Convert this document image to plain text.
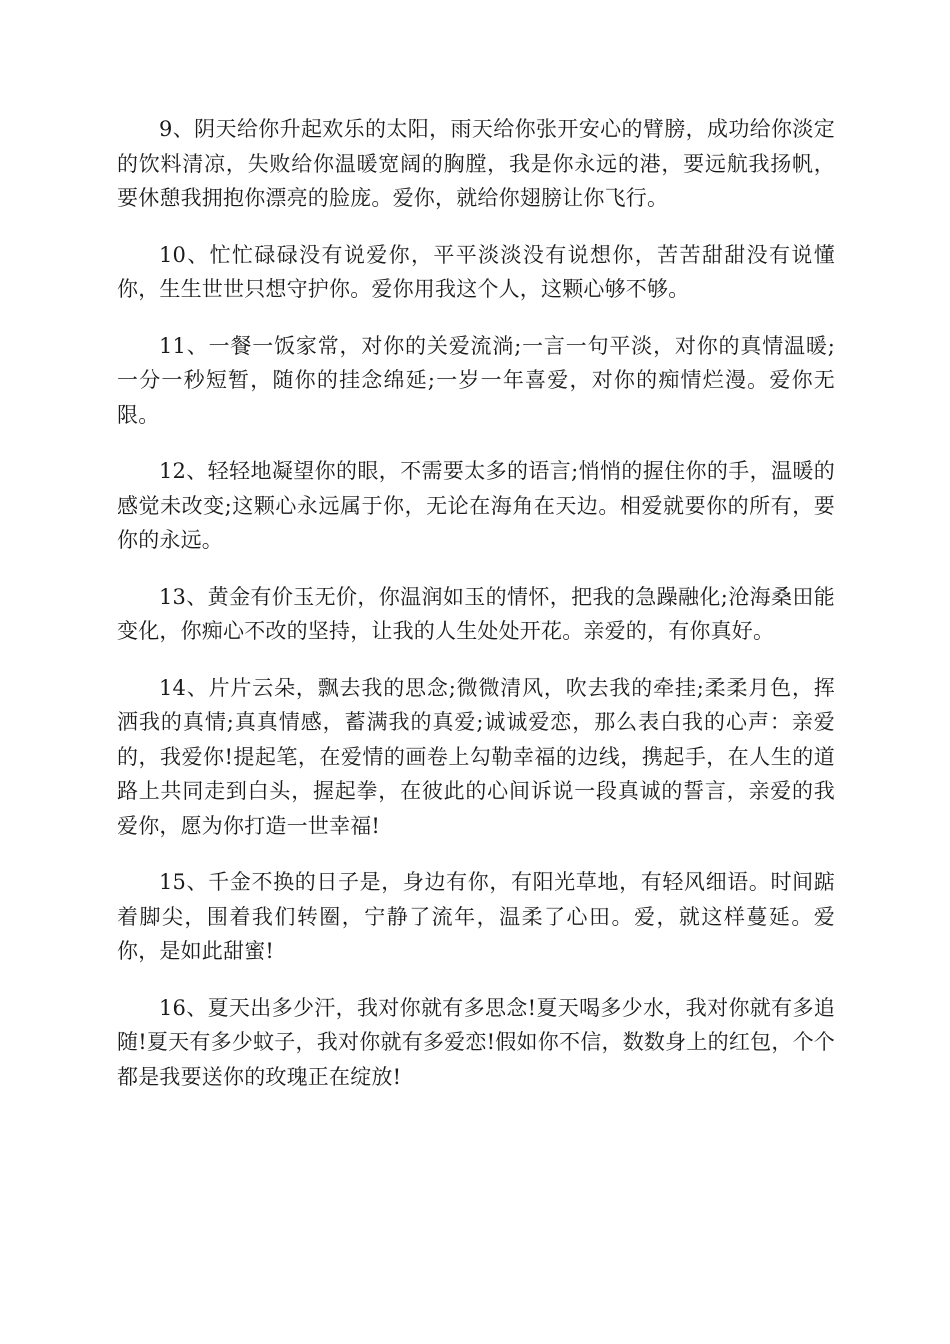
9、阴天给你升起欢乐的太阳，雨天给你张开安心的臂膀，成功给你淡定的饮料清凉，失败给你温暖宽阔的胸膛，我是你永远的港，要远航我扬帆，要休憩我拥抱你漂亮的脸庞。爱你，就给你翅膀让你飞行。

10、忙忙碌碌没有说爱你，平平淡淡没有说想你，苦苦甜甜没有说懂你，生生世世只想守护你。爱你用我这个人，这颗心够不够。

11、一餐一饭家常，对你的关爱流淌;一言一句平淡，对你的真情温暖;一分一秒短暂，随你的挂念绵延;一岁一年喜爱，对你的痴情烂漫。爱你无限。

12、轻轻地凝望你的眼，不需要太多的语言;悄悄的握住你的手，温暖的感觉未改变;这颗心永远属于你，无论在海角在天边。相爱就要你的所有，要你的永远。

13、黄金有价玉无价，你温润如玉的情怀，把我的急躁融化;沧海桑田能变化，你痴心不改的坚持，让我的人生处处开花。亲爱的，有你真好。

14、片片云朵，飘去我的思念;微微清风，吹去我的牵挂;柔柔月色，挥洒我的真情;真真情感，蓄满我的真爱;诚诚爱恋，那么表白我的心声：亲爱的，我爱你!提起笔，在爱情的画卷上勾勒幸福的边线，携起手，在人生的道路上共同走到白头，握起拳，在彼此的心间诉说一段真诚的誓言，亲爱的我爱你，愿为你打造一世幸福!

15、千金不换的日子是，身边有你，有阳光草地，有轻风细语。时间踮着脚尖，围着我们转圈，宁静了流年，温柔了心田。爱，就这样蔓延。爱你，是如此甜蜜!

16、夏天出多少汗，我对你就有多思念!夏天喝多少水，我对你就有多追随!夏天有多少蚊子，我对你就有多爱恋!假如你不信，数数身上的红包，个个都是我要送你的玫瑰正在绽放!
